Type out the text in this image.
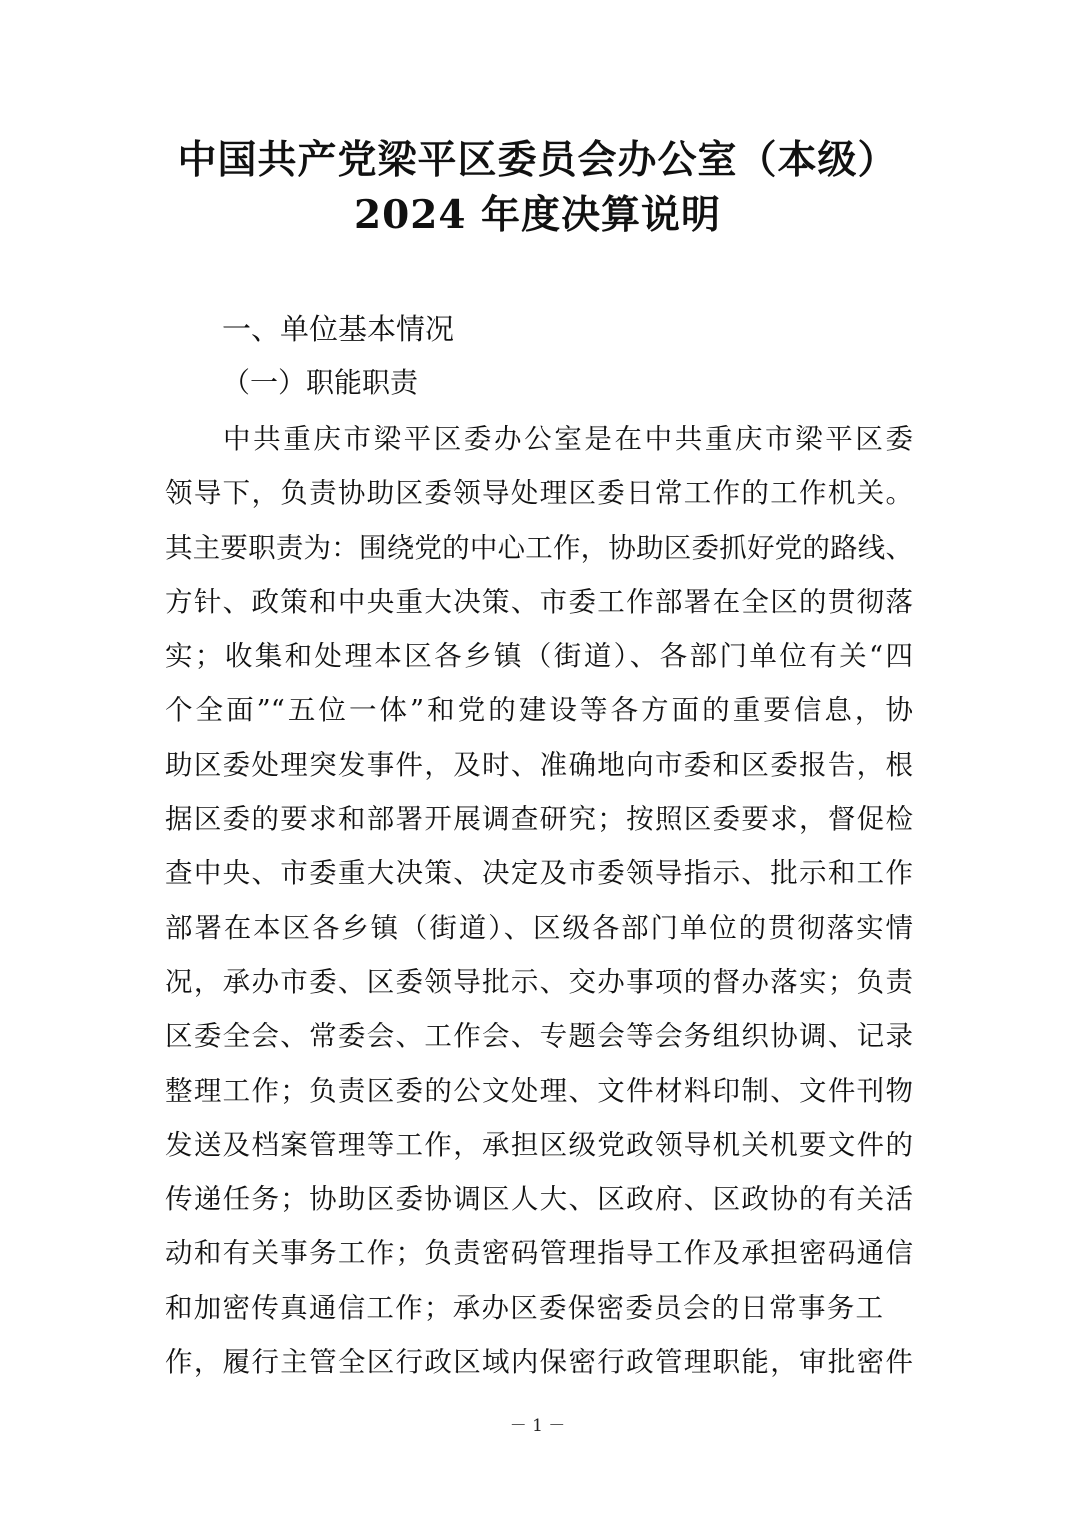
中国共产党梁平区委员会办公室（本级）
2024 年度决算说明
一、单位基本情况
（一）职能职责
中共重庆市梁平区委办公室是在中共重庆市梁平区委
领导下，负责协助区委领导处理区委日常工作的工作机关。
其主要职责为：围绕党的中心工作，协助区委抓好党的路线、
方针、政策和中央重大决策、市委工作部署在全区的贯彻落
实；收集和处理本区各乡镇（街道）、各部门单位有关“四
个全面”“五位一体”和党的建设等各方面的重要信息，协
助区委处理突发事件，及时、准确地向市委和区委报告，根
据区委的要求和部署开展调查研究；按照区委要求，督促检
查中央、市委重大决策、决定及市委领导指示、批示和工作
部署在本区各乡镇（街道）、区级各部门单位的贯彻落实情
况，承办市委、区委领导批示、交办事项的督办落实；负责
区委全会、常委会、工作会、专题会等会务组织协调、记录
整理工作；负责区委的公文处理、文件材料印制、文件刊物
发送及档案管理等工作，承担区级党政领导机关机要文件的
传递任务；协助区委协调区人大、区政府、区政协的有关活
动和有关事务工作；负责密码管理指导工作及承担密码通信
和加密传真通信工作；承办区委保密委员会的日常事务工
作，履行主管全区行政区域内保密行政管理职能，审批密件
－ 1 －
